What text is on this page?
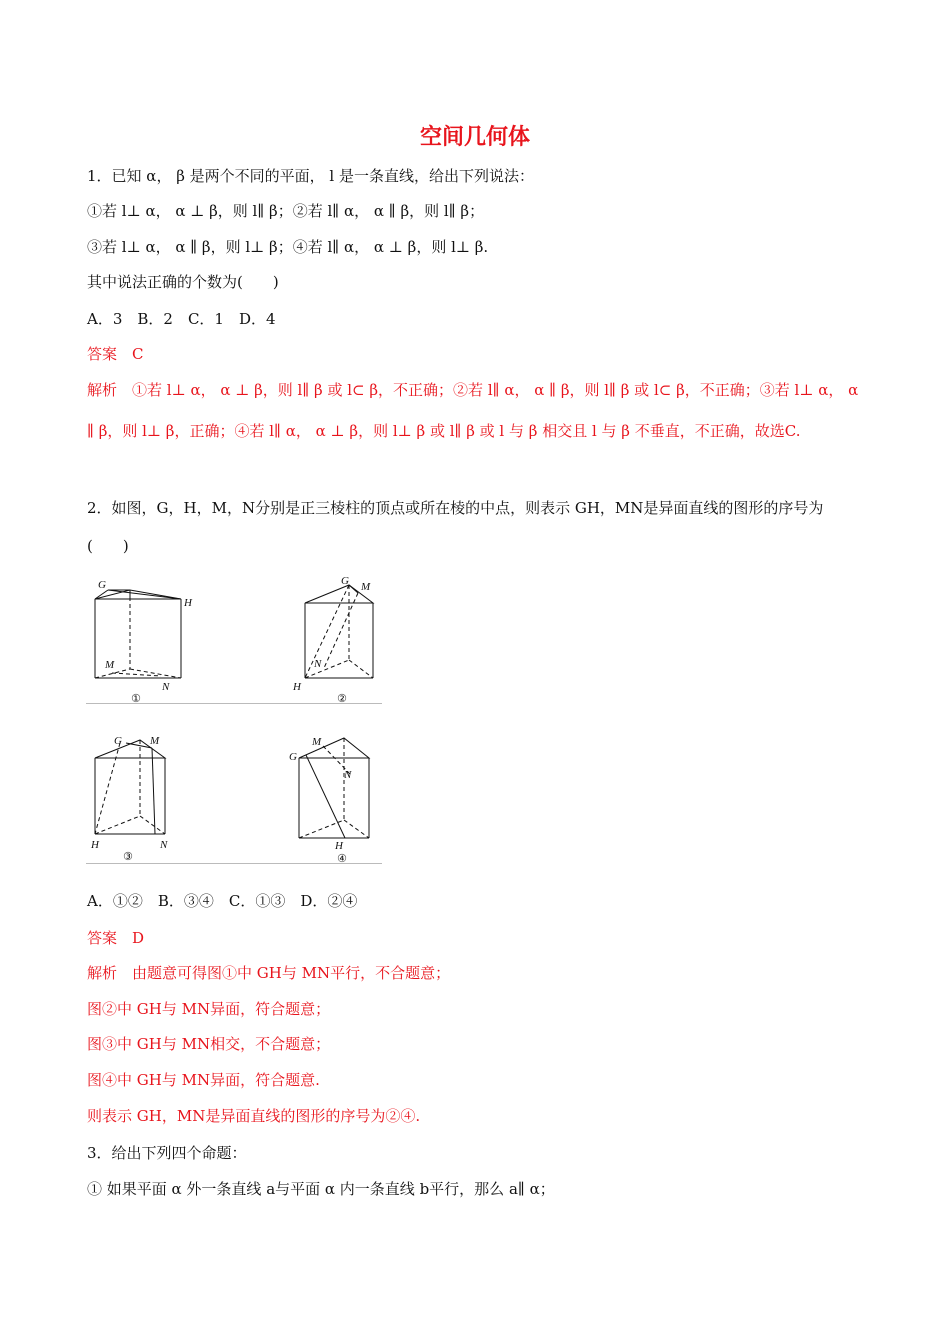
空间几何体
1．已知 α， β 是两个不同的平面， l 是一条直线，给出下列说法：
①若 l⊥ α， α ⊥ β，则 l∥ β；②若 l∥ α， α ∥ β，则 l∥ β；
③若 l⊥ α， α ∥ β，则 l⊥ β；④若 l∥ α， α ⊥ β，则 l⊥ β.
其中说法正确的个数为(　　)
A．3　B．2　C．1　D．4
答案　C
解析　①若 l⊥ α， α ⊥ β，则 l∥ β 或 l⊂ β，不正确；②若 l∥ α， α ∥ β，则 l∥ β 或 l⊂ β，不正确；③若 l⊥ α， α ∥ β，则 l⊥ β，正确；④若 l∥ α， α ⊥ β，则 l⊥ β 或 l∥ β 或 l 与 β 相交且 l 与 β 不垂直，不正确，故选C.
2．如图，G，H，M，N分别是正三棱柱的顶点或所在棱的中点，则表示 GH，MN是异面直线的图形的序号为
(　　)
G
H
M
N
①
G M
N
H
②
G	M
H	N
③
M
G
N
H
④
A．①②　B．③④　C．①③　D．②④
答案　D
解析　由题意可得图①中 GH与 MN平行，不合题意；
图②中 GH与 MN异面，符合题意；
图③中 GH与 MN相交，不合题意；
图④中 GH与 MN异面，符合题意.
则表示 GH，MN是异面直线的图形的序号为②④.
3．给出下列四个命题：
① 如果平面 α 外一条直线 a与平面 α 内一条直线 b平行，那么 a∥ α；
